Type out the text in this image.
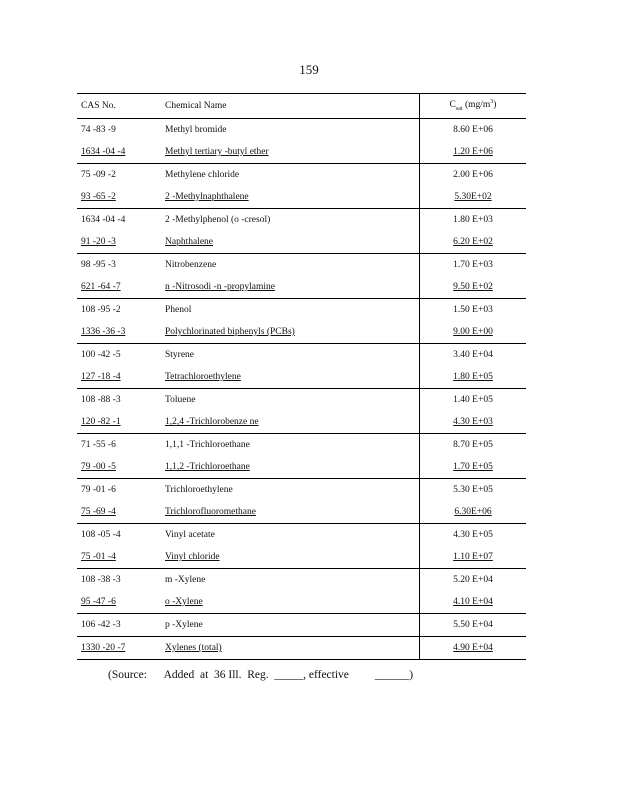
159
CAS No.	Chemical Name	$C_{sat}$ $(mg/m^3)$
74 -83 -9	Methyl bromide	8.60 E+06
1634 -04 -4	Methyl tertiary -butyl ether	1.20 E+06
75 -09 -2	Methylene chloride	2.00 E+06
93 -65 -2	2 -Methylnaphthalene	5.30E+02
1634 -04 -4	2 -Methylphenol (o -cresol)	1.80 E+03
91 -20 -3	Naphthalene	6.20 E+02
98 -95 -3	Nitrobenzene	1.70 E+03
621 -64 -7	n -Nitrosodi -n -propylamine	9.50 E+02
108 -95 -2	Phenol	1.50 E+03
1336 -36 -3	Polychlorinated biphenyls (PCBs)	9.00 E+00
100 -42 -5	Styrene	3.40 E+04
127 -18 -4	Tetrachloroethylene	1.80 E+05
108 -88 -3	Toluene	1.40 E+05
120 -82 -1	1,2,4 -Trichlorobenze ne	4.30 E+03
71 -55 -6	1,1,1 -Trichloroethane	8.70 E+05
79 -00 -5	1,1,2 -Trichloroethane	1.70 E+05
79 -01 -6	Trichloroethylene	5.30 E+05
75 -69 -4	Trichlorofluoromethane	6.30E+06
108 -05 -4	Vinyl acetate	4.30 E+05
75 -01 -4	Vinyl chloride	1.10 E+07
108 -38 -3	m -Xylene	5.20 E+04
95 -47 -6	o -Xylene	4.10 E+04
106 -42 -3	p -Xylene	5.50 E+04
1330 -20 -7	Xylenes (total)	4.90 E+04
(Source:      Added  at  36 Ill.  Reg.  _____, effective         ______)
